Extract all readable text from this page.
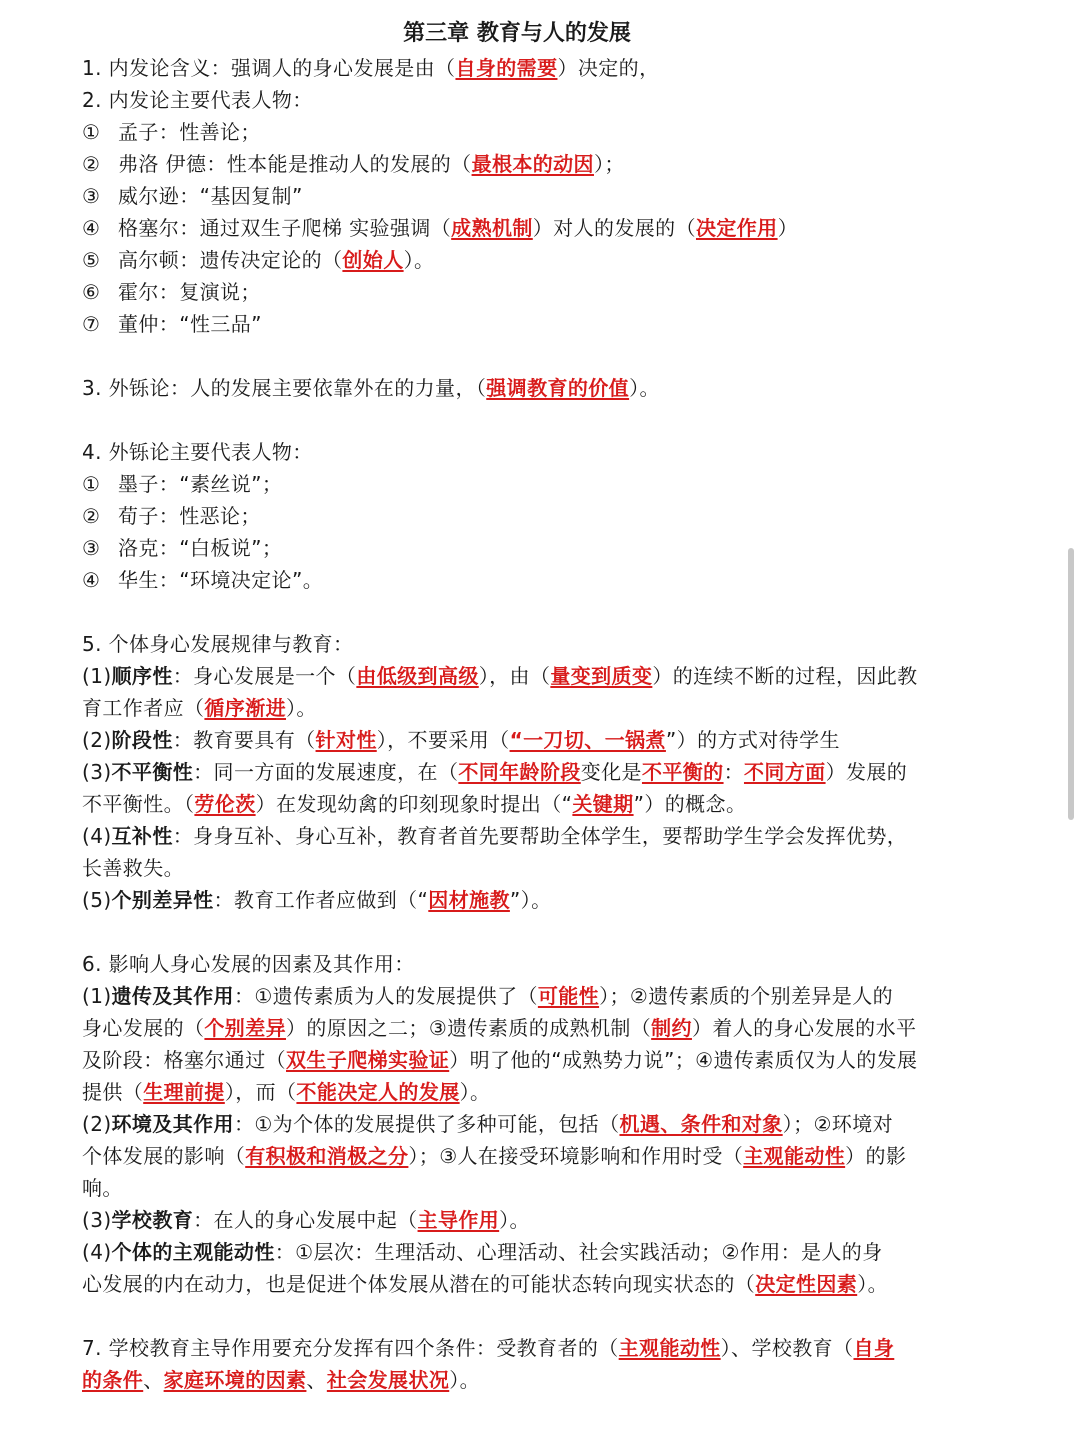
第三章 教育与人的发展
1. 内发论含义：强调人的身心发展是由（自身的需要）决定的，
2. 内发论主要代表人物：
① 孟子：性善论；
② 弗洛 伊德：性本能是推动人的发展的（最根本的动因）；
③ 威尔逊：“基因复制”
④ 格塞尔：通过双生子爬梯 实验强调（成熟机制）对人的发展的（决定作用）
⑤ 高尔顿：遗传决定论的（创始人）。
⑥ 霍尔：复演说；
⑦ 董仲：“性三品”
3. 外铄论：人的发展主要依靠外在的力量，（强调教育的价值）。
4. 外铄论主要代表人物：
① 墨子：“素丝说”；
② 荀子：性恶论；
③ 洛克：“白板说”；
④ 华生：“环境决定论”。
5. 个体身心发展规律与教育：
(1)顺序性：身心发展是一个（由低级到高级），由（量变到质变）的连续不断的过程，因此教
育工作者应（循序渐进）。
(2)阶段性：教育要具有（针对性），不要采用（“一刀切、一锅煮”）的方式对待学生
(3)不平衡性：同一方面的发展速度，在（不同年龄阶段变化是不平衡的：不同方面）发展的
不平衡性。（劳伦茨）在发现幼禽的印刻现象时提出（“关键期”）的概念。
(4)互补性：身身互补、身心互补，教育者首先要帮助全体学生，要帮助学生学会发挥优势，
长善救失。
(5)个别差异性：教育工作者应做到（“因材施教”）。
6. 影响人身心发展的因素及其作用：
(1)遗传及其作用：①遗传素质为人的发展提供了（可能性）；②遗传素质的个别差异是人的
身心发展的（个别差异）的原因之二；③遗传素质的成熟机制（制约）着人的身心发展的水平
及阶段：格塞尔通过（双生子爬梯实验证）明了他的“成熟势力说”；④遗传素质仅为人的发展
提供（生理前提），而（不能决定人的发展）。
(2)环境及其作用：①为个体的发展提供了多种可能，包括（机遇、条件和对象）；②环境对
个体发展的影响（有积极和消极之分）；③人在接受环境影响和作用时受（主观能动性）的影
响。
(3)学校教育：在人的身心发展中起（主导作用）。
(4)个体的主观能动性：①层次：生理活动、心理活动、社会实践活动；②作用：是人的身
心发展的内在动力，也是促进个体发展从潜在的可能状态转向现实状态的（决定性因素）。
7. 学校教育主导作用要充分发挥有四个条件：受教育者的（主观能动性）、学校教育（自身
的条件、家庭环境的因素、社会发展状况）。
